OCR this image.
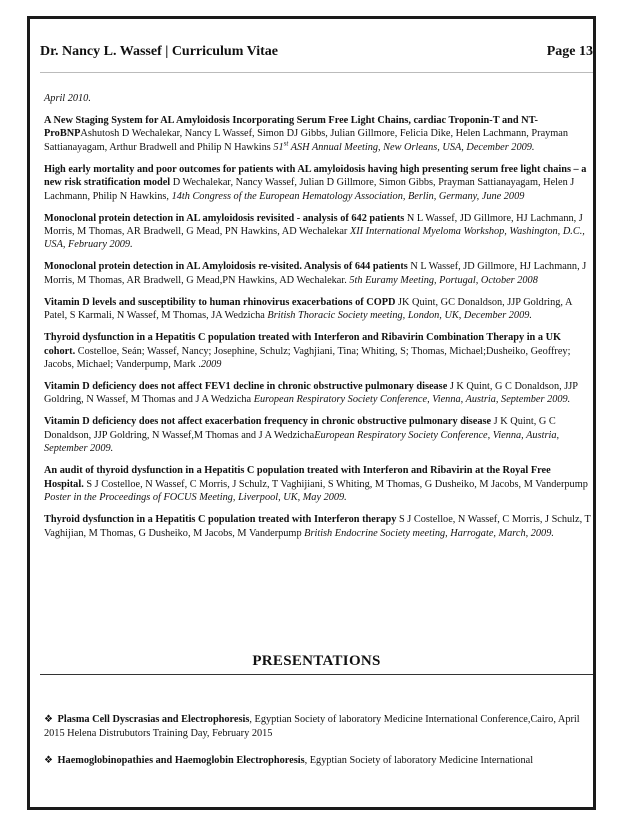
Dr. Nancy L. Wassef | Curriculum Vitae	Page 13

April 2010.

A New Staging System for AL Amyloidosis Incorporating Serum Free Light Chains, cardiac Troponin-T and NT-ProBNPAshutosh D Wechalekar, Nancy L Wassef, Simon DJ Gibbs, Julian Gillmore, Felicia Dike, Helen Lachmann, Prayman Sattianayagam, Arthur Bradwell and Philip N Hawkins 51st ASH Annual Meeting, New Orleans, USA, December 2009.

High early mortality and poor outcomes for patients with AL amyloidosis having high presenting serum free light chains – a new risk stratification model D Wechalekar, Nancy Wassef, Julian D Gillmore, Simon Gibbs, Prayman Sattianayagam, Helen J Lachmann, Philip N Hawkins, 14th Congress of the European Hematology Association, Berlin, Germany, June 2009

Monoclonal protein detection in AL amyloidosis revisited - analysis of 642 patients N L Wassef, JD Gillmore, HJ Lachmann, J Morris, M Thomas, AR Bradwell, G Mead, PN Hawkins, AD Wechalekar XII International Myeloma Workshop, Washington, D.C., USA, February 2009.

Monoclonal protein detection in AL Amyloidosis re-visited. Analysis of 644 patients N L Wassef, JD Gillmore, HJ Lachmann, J Morris, M Thomas, AR Bradwell, G Mead,PN Hawkins, AD Wechalekar. 5th Euramy Meeting, Portugal, October 2008

Vitamin D levels and susceptibility to human rhinovirus exacerbations of COPD JK Quint, GC Donaldson, JJP Goldring, A Patel, S Karmali, N Wassef, M Thomas, JA Wedzicha British Thoracic Society meeting, London, UK, December 2009.

Thyroid dysfunction in a Hepatitis C population treated with Interferon and Ribavirin Combination Therapy in a UK cohort. Costelloe, Seán; Wassef, Nancy; Josephine, Schulz; Vaghjiani, Tina; Whiting, S; Thomas, Michael;Dusheiko, Geoffrey; Jacobs, Michael; Vanderpump, Mark .2009

Vitamin D deficiency does not affect FEV1 decline in chronic obstructive pulmonary disease J K Quint, G C Donaldson, JJP Goldring, N Wassef, M Thomas and J A Wedzicha European Respiratory Society Conference, Vienna, Austria, September 2009.

Vitamin D deficiency does not affect exacerbation frequency in chronic obstructive pulmonary disease J K Quint, G C Donaldson, JJP Goldring, N Wassef,M Thomas and J A WedzichaEuropean Respiratory Society Conference, Vienna, Austria, September 2009.

An audit of thyroid dysfunction in a Hepatitis C population treated with Interferon and Ribavirin at the Royal Free Hospital. S J Costelloe, N Wassef, C Morris, J Schulz, T Vaghijiani, S Whiting, M Thomas, G Dusheiko, M Jacobs, M Vanderpump Poster in the Proceedings of FOCUS Meeting, Liverpool, UK, May 2009.

Thyroid dysfunction in a Hepatitis C population treated with Interferon therapy S J Costelloe, N Wassef, C Morris, J Schulz, T Vaghijian, M Thomas, G Dusheiko, M Jacobs, M Vanderpump British Endocrine Society meeting, Harrogate, March, 2009.

PRESENTATIONS

❖ Plasma Cell Dyscrasias and Electrophoresis, Egyptian Society of laboratory Medicine International Conference,Cairo, April 2015 Helena Distrubutors Training Day, February 2015

❖ Haemoglobinopathies and Haemoglobin Electrophoresis, Egyptian Society of laboratory Medicine International
